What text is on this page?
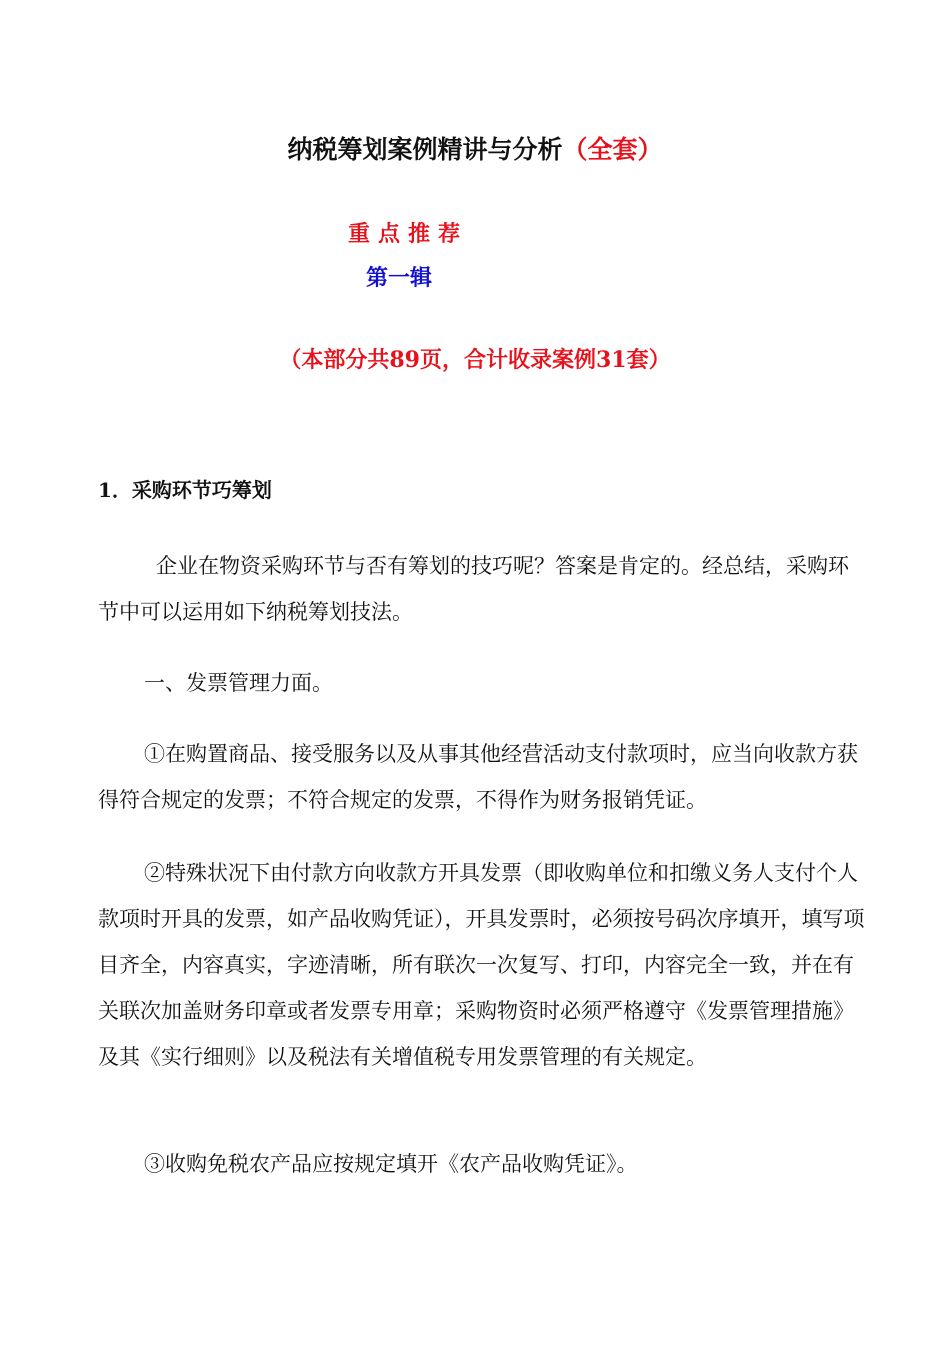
纳税筹划案例精讲与分析（全套）
重点推荐
第一辑
（本部分共89页，合计收录案例31套）
1．采购环节巧筹划

企业在物资采购环节与否有筹划的技巧呢？答案是肯定的。经总结，采购环节中可以运用如下纳税筹划技法。

一、发票管理力面。

①在购置商品、接受服务以及从事其他经营活动支付款项时，应当向收款方获得符合规定的发票；不符合规定的发票，不得作为财务报销凭证。

②特殊状况下由付款方向收款方开具发票（即收购单位和扣缴义务人支付个人款项时开具的发票，如产品收购凭证），开具发票时，必须按号码次序填开，填写项目齐全，内容真实，字迹清晰，所有联次一次复写、打印，内容完全一致，并在有关联次加盖财务印章或者发票专用章；采购物资时必须严格遵守《发票管理措施》及其《实行细则》以及税法有关增值税专用发票管理的有关规定。

③收购免税农产品应按规定填开《农产品收购凭证》。
